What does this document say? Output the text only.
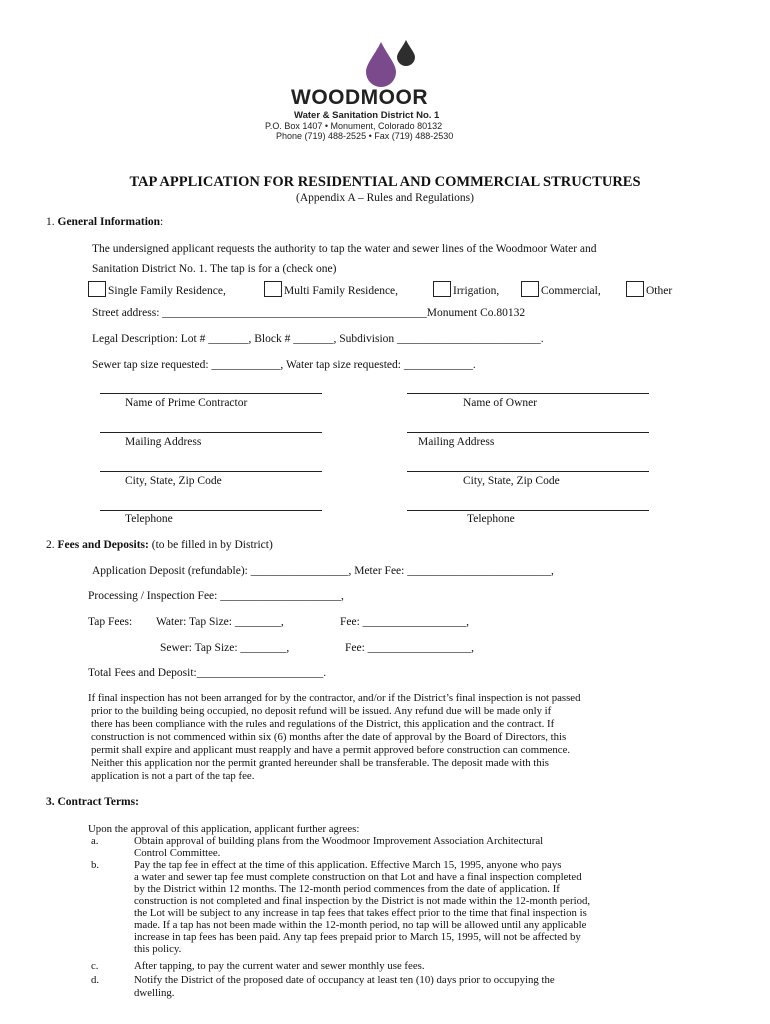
WOODMOOR
Water & Sanitation District No. 1
P.O. Box 1407 • Monument, Colorado 80132
Phone (719) 488-2525 • Fax (719) 488-2530
TAP APPLICATION FOR RESIDENTIAL AND COMMERCIAL STRUCTURES
(Appendix A – Rules and Regulations)
1. General Information:
The undersigned applicant requests the authority to tap the water and sewer lines of the Woodmoor Water and
Sanitation District No. 1. The tap is for a (check one)
Single Family Residence,	Multi Family Residence,	Irrigation,	Commercial,	Other
Street address: ______________________________________________Monument Co.80132
Legal Description: Lot # _______, Block # _______, Subdivision _________________________.
Sewer tap size requested: ____________, Water tap size requested: ____________.
Name of Prime Contractor	Name of Owner
Mailing Address	Mailing Address
City, State, Zip Code	City, State, Zip Code
Telephone	Telephone
2. Fees and Deposits: (to be filled in by District)
Application Deposit (refundable): _________________, Meter Fee: _________________________,
Processing / Inspection Fee: _____________________,
Tap Fees: Water: Tap Size: ________,	Fee: __________________,
Sewer: Tap Size: ________,	Fee: __________________,
Total Fees and Deposit:______________________.
If final inspection has not been arranged for by the contractor, and/or if the District’s final inspection is not passed
prior to the building being occupied, no deposit refund will be issued. Any refund due will be made only if
there has been compliance with the rules and regulations of the District, this application and the contract. If
construction is not commenced within six (6) months after the date of approval by the Board of Directors, this
permit shall expire and applicant must reapply and have a permit approved before construction can commence.
Neither this application nor the permit granted hereunder shall be transferable. The deposit made with this
application is not a part of the tap fee.
3. Contract Terms:
Upon the approval of this application, applicant further agrees:
a.	Obtain approval of building plans from the Woodmoor Improvement Association Architectural
Control Committee.
b.	Pay the tap fee in effect at the time of this application. Effective March 15, 1995, anyone who pays
a water and sewer tap fee must complete construction on that Lot and have a final inspection completed
by the District within 12 months. The 12-month period commences from the date of application. If
construction is not completed and final inspection by the District is not made within the 12-month period,
the Lot will be subject to any increase in tap fees that takes effect prior to the time that final inspection is
made. If a tap has not been made within the 12-month period, no tap will be allowed until any applicable
increase in tap fees has been paid. Any tap fees prepaid prior to March 15, 1995, will not be affected by
this policy.
c.	After tapping, to pay the current water and sewer monthly use fees.
d.	Notify the District of the proposed date of occupancy at least ten (10) days prior to occupying the
dwelling.
